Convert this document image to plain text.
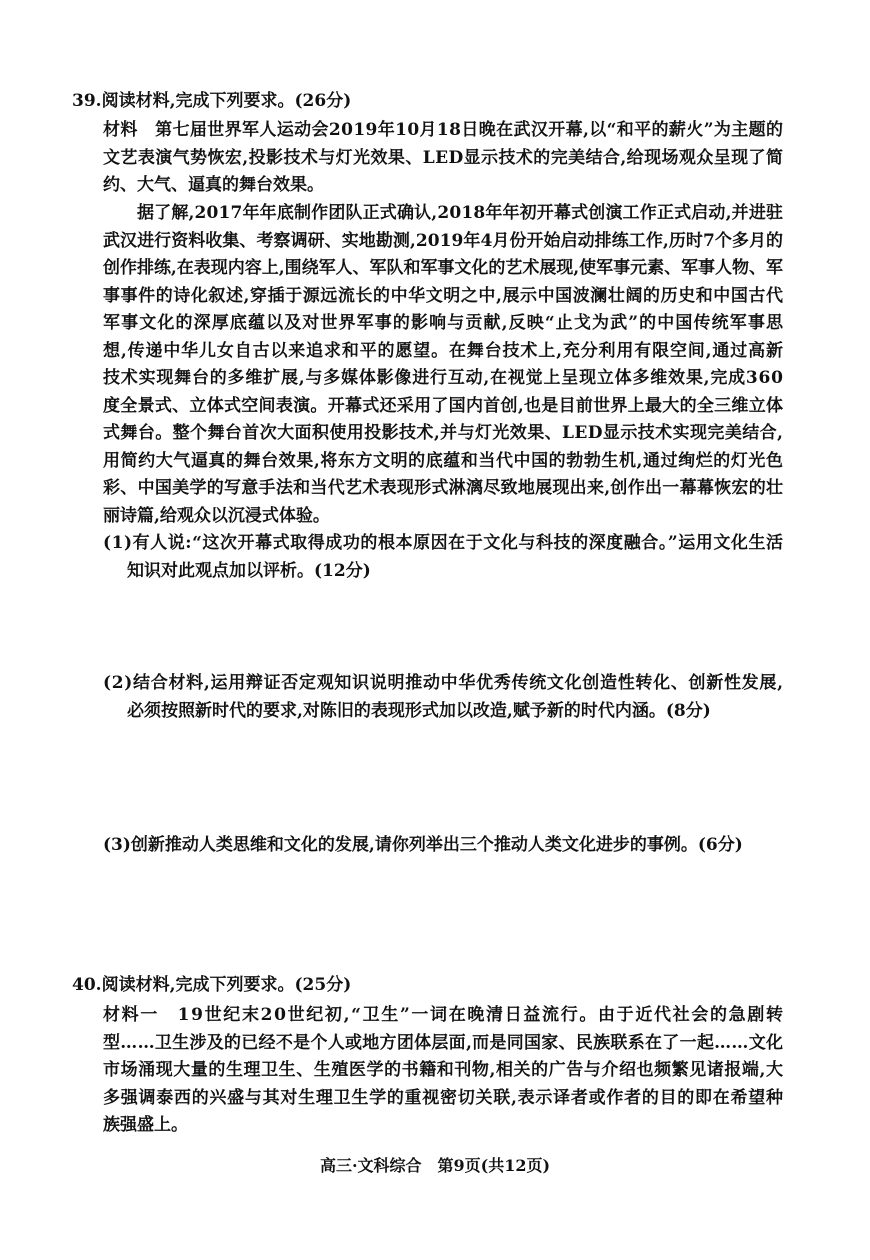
39.阅读材料,完成下列要求。(26分)
材料　第七届世界军人运动会2019年10月18日晚在武汉开幕,以“和平的薪火”为主题的
文艺表演气势恢宏,投影技术与灯光效果、LED显示技术的完美结合,给现场观众呈现了简
约、大气、逼真的舞台效果。
据了解,2017年年底制作团队正式确认,2018年年初开幕式创演工作正式启动,并进驻
武汉进行资料收集、考察调研、实地勘测,2019年4月份开始启动排练工作,历时7个多月的
创作排练,在表现内容上,围绕军人、军队和军事文化的艺术展现,使军事元素、军事人物、军
事事件的诗化叙述,穿插于源远流长的中华文明之中,展示中国波澜壮阔的历史和中国古代
军事文化的深厚底蕴以及对世界军事的影响与贡献,反映“止戈为武”的中国传统军事思
想,传递中华儿女自古以来追求和平的愿望。在舞台技术上,充分利用有限空间,通过高新
技术实现舞台的多维扩展,与多媒体影像进行互动,在视觉上呈现立体多维效果,完成360
度全景式、立体式空间表演。开幕式还采用了国内首创,也是目前世界上最大的全三维立体
式舞台。整个舞台首次大面积使用投影技术,并与灯光效果、LED显示技术实现完美结合,
用简约大气逼真的舞台效果,将东方文明的底蕴和当代中国的勃勃生机,通过绚烂的灯光色
彩、中国美学的写意手法和当代艺术表现形式淋漓尽致地展现出来,创作出一幕幕恢宏的壮
丽诗篇,给观众以沉浸式体验。
(1)有人说:“这次开幕式取得成功的根本原因在于文化与科技的深度融合。”运用文化生活
知识对此观点加以评析。(12分)
(2)结合材料,运用辩证否定观知识说明推动中华优秀传统文化创造性转化、创新性发展,
必须按照新时代的要求,对陈旧的表现形式加以改造,赋予新的时代内涵。(8分)
(3)创新推动人类思维和文化的发展,请你列举出三个推动人类文化进步的事例。(6分)
40.阅读材料,完成下列要求。(25分)
材料一　19世纪末20世纪初,“卫生”一词在晚清日益流行。由于近代社会的急剧转
型……卫生涉及的已经不是个人或地方团体层面,而是同国家、民族联系在了一起……文化
市场涌现大量的生理卫生、生殖医学的书籍和刊物,相关的广告与介绍也频繁见诸报端,大
多强调泰西的兴盛与其对生理卫生学的重视密切关联,表示译者或作者的目的即在希望种
族强盛上。
高三·文科综合　第9页(共12页)
